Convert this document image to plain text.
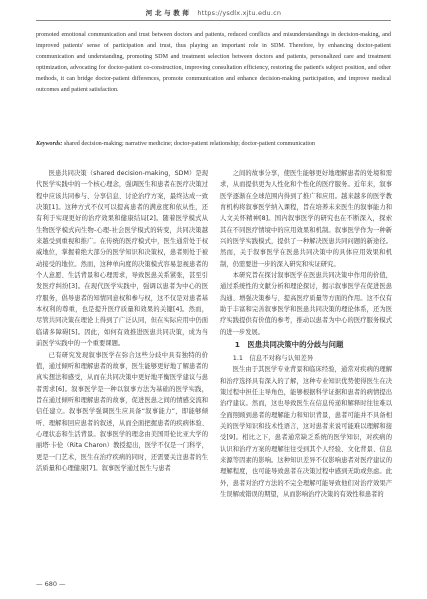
河 北 与 教 师 https://ysdlx.xjtu.edu.cn
promoted emotional communication and trust between doctors and patients, reduced conflicts and misunderstandings in decision-making, and improved patients' sense of participation and trust, thus playing an important role in SDM. Therefore, by enhancing doctor-patient communication and understanding, promoting SDM and treatment selection between doctors and patients, personalized care and treatment optimization, advocating for doctor-patient co-construction, improving consultation efficiency, restoring the patient's subject position, and other methods, it can bridge doctor-patient differences, promote communication and enhance decision-making participation, and improve medical outcomes and patient satisfaction.
Keywords: shared decision-making; narrative medicine; doctor-patient relationship; doctor-patient communication

医患共同决策（shared decision-making，SDM）是现代医学实践中的一个核心理念，强调医生和患者在医疗决策过程中应该共同参与、分享信息、讨论治疗方案，最终达成一致决策[1]。这种方式不仅可以提高患者的满意度和依从性，还有利于实现更好的治疗效果和健康结局[2]。随着医学模式从生物医学模式向生物-心理-社会医学模式的转变，共同决策越来越受到重视和推广。在传统的医疗模式中，医生通常处于权威地位，掌握着绝大部分的医学知识和决策权，患者则处于被动接受的地位。然而，这种单向度的决策模式容易忽视患者的个人意愿、生活背景和心理需求，导致医患关系紧张，甚至引发医疗纠纷[3]。在现代医学实践中，强调以患者为中心的医疗服务，倡导患者的知情同意权和参与权，这不仅是对患者基本权利的尊重，也是提升医疗质量和效果的关键[4]。然而，尽管共同决策在理论上得到了广泛认同，但在实际应用中仍面临诸多障碍[5]。因此，如何有效推进医患共同决策，成为当前医学实践中的一个重要课题。

已有研究发现叙事医学在弥合这些分歧中具有独特的价值，通过倾听和理解患者的故事，医生能够更好地了解患者的真实想法和感受，从而在共同决策中更好地平衡医学建议与患者需求[6]。叙事医学是一种以叙事方法为基础的医学实践，旨在通过倾听和理解患者的故事，促进医患之间的情感交流和信任建立。叙事医学强调医生应具备“叙事能力”，即能够倾听、理解和回应患者的叙述，从而全面把握患者的疾病体验、心理状态和生活背景。叙事医学的理念由美国哥伦比亚大学的丽塔·卡伦（Rita Charon）教授提出，医学不仅是一门科学，更是一门艺术，医生在治疗疾病的同时，还需要关注患者的生活质量和心理健康[7]。叙事医学通过医生与患者

之间的故事分享，使医生能够更好地理解患者的处境和需求，从而提供更为人性化和个性化的医疗服务。近年来，叙事医学逐渐在全球范围内得到了推广和应用。越来越多的医学教育机构将叙事医学纳入课程，旨在培养未来医生的叙事能力和人文关怀精神[8]。国内叙事医学的研究也在不断深入，探索其在不同医疗情境中的应用效果和机制。叙事医学作为一种新兴的医学实践模式，提供了一种解决医患共同问题的新途径。然而，关于叙事医学在医患共同决策中的具体应用效果和机制，仍需要进一步的深入研究和实证研究。

本研究旨在探讨叙事医学在医患共同决策中作用的价值，通过系统性的文献分析和理论探讨，揭示叙事医学在促进医患沟通、增强决策参与、提高医疗质量等方面的作用。这不仅有助于丰富和完善叙事医学和医患共同决策的理论体系，还为医疗实践提供有价值的参考，推动以患者为中心的医疗服务模式的进一步发展。

1　医患共同决策中的分歧与问题

1.1　信息不对称与认知差异

医生由于其医学专业背景和临床经验，通常对疾病的理解和治疗选择具有深入的了解，这种专业知识优势使得医生在决策过程中担任主导角色，能够根据科学证据和患者的病情提出治疗建议。然而，这也导致医生在信息传递和解释时往往难以全面照顾到患者的理解能力和知识背景，患者可能并不具备相关的医学知识和技术性语言，这对患者来说可能难以理解和接受[9]。相比之下，患者通常缺乏系统的医学知识，对疾病的认识和治疗方案的理解往往受到其个人经验、文化背景、信息来源等因素的影响。这种知识差异不仅影响患者对医疗建议的理解程度，也可能导致患者在决策过程中感到无助或焦虑。此外，患者对治疗方法的不完全理解可能导致他们对治疗效果产生误解或错误的期望，从而影响治疗决策的有效性和患者的

— 680 —
